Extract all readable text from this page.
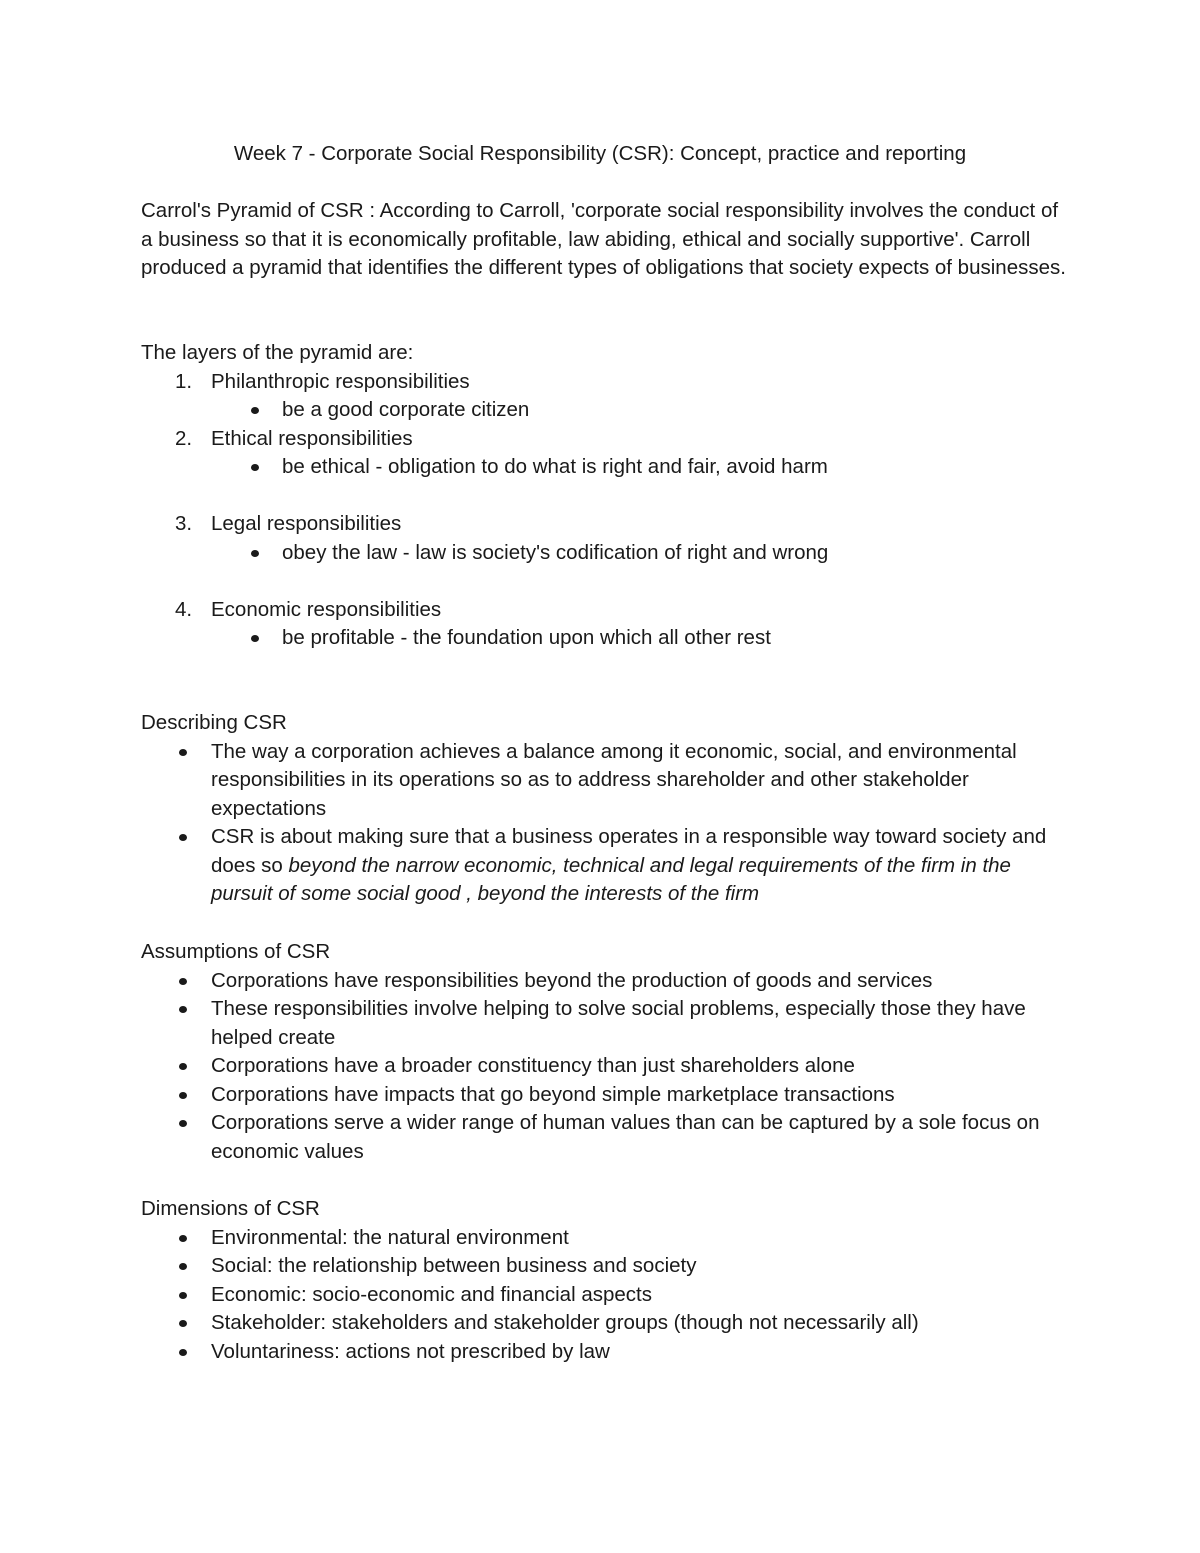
Week 7 - Corporate Social Responsibility (CSR): Concept, practice and reporting

Carrol's Pyramid of CSR : According to Carroll, 'corporate social responsibility involves the conduct of a business so that it is economically profitable, law abiding, ethical and socially supportive'. Carroll produced a pyramid that identifies the different types of obligations that society expects of businesses.

The layers of the pyramid are:

1. Philanthropic responsibilities
be a good corporate citizen
2. Ethical responsibilities
be ethical - obligation to do what is right and fair, avoid harm
3. Legal responsibilities
obey the law - law is society's codification of right and wrong
4. Economic responsibilities
be profitable - the foundation upon which all other rest

Describing CSR

The way a corporation achieves a balance among it economic, social, and environmental responsibilities in its operations so as to address shareholder and other stakeholder expectations
CSR is about making sure that a business operates in a responsible way toward society and does so beyond the narrow economic, technical and legal requirements of the firm in the pursuit of some social good , beyond the interests of the firm

Assumptions of CSR

Corporations have responsibilities beyond the production of goods and services
These responsibilities involve helping to solve social problems, especially those they have helped create
Corporations have a broader constituency than just shareholders alone
Corporations have impacts that go beyond simple marketplace transactions
Corporations serve a wider range of human values than can be captured by a sole focus on economic values

Dimensions of CSR

Environmental: the natural environment
Social: the relationship between business and society
Economic: socio-economic and financial aspects
Stakeholder: stakeholders and stakeholder groups (though not necessarily all)
Voluntariness: actions not prescribed by law
